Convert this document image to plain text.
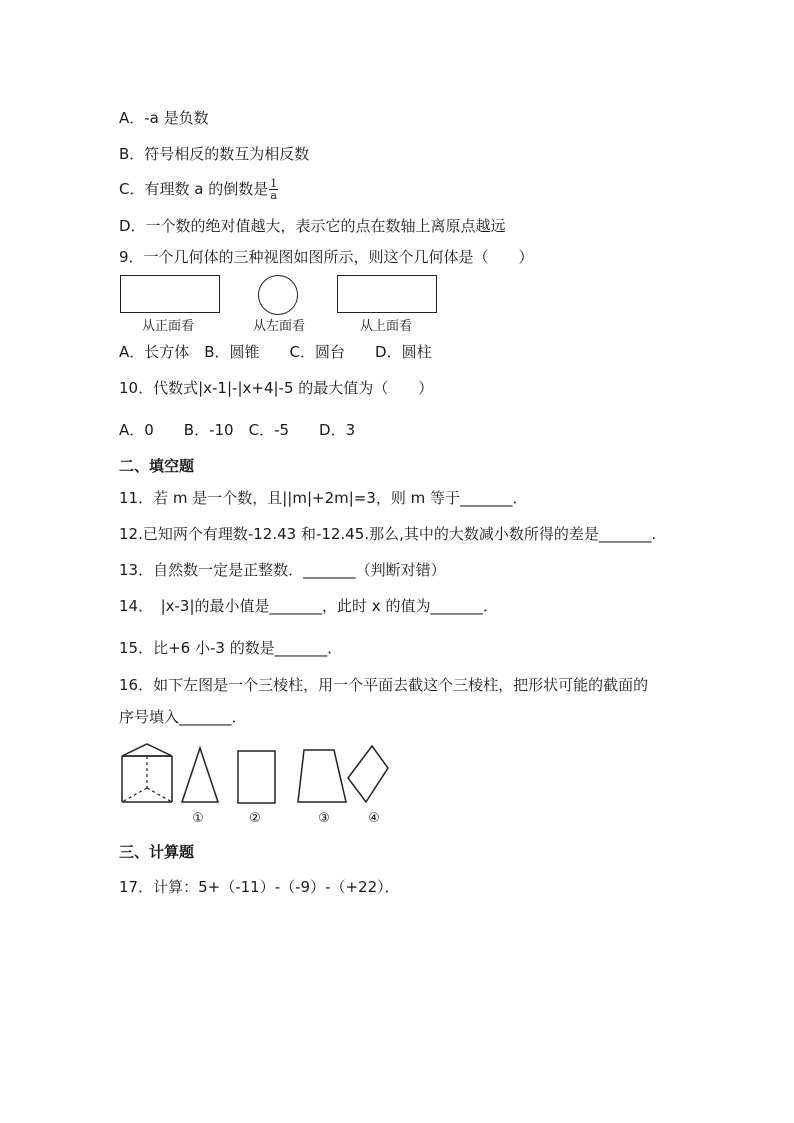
A．-a 是负数
B．符号相反的数互为相反数
C．有理数 a 的倒数是 $\frac{1}{a}$
D．一个数的绝对值越大，表示它的点在数轴上离原点越远
9．一个几何体的三种视图如图所示，则这个几何体是（　　）
从正面看	从左面看	从上面看
A．长方体　B．圆锥　　C．圆台　　D．圆柱
10．代数式|x-1|-|x+4|-5 的最大值为（　　）
A．0　　B．-10　C．-5　　D．3
二、填空题
11．若 m 是一个数，且||m|+2m|=3，则 m 等于_______．
12.已知两个有理数-12.43 和-12.45.那么,其中的大数减小数所得的差是_______.
13．自然数一定是正整数．_______（判断对错）
14．　|x-3|的最小值是_______，此时 x 的值为_______．
15．比+6 小-3 的数是_______．
16．如下左图是一个三棱柱，用一个平面去截这个三棱柱，把形状可能的截面的
序号填入_______．
①	②	③	④
三、计算题
17．计算：5+（-11）-（-9）-（+22）．
